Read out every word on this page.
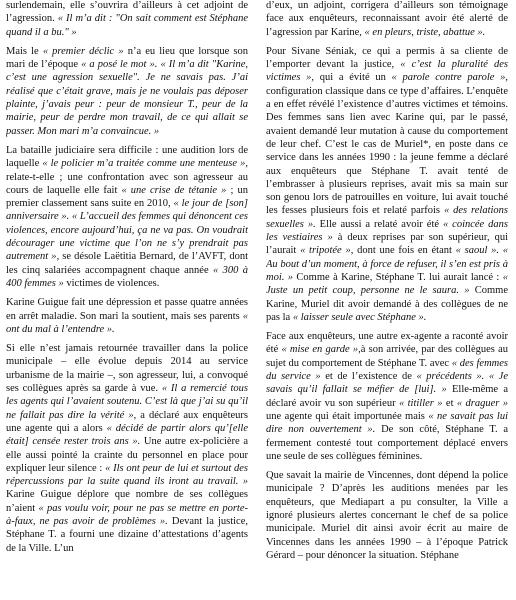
surlendemain, elle s’ouvrira d’ailleurs à cet adjoint de l’agression. « Il m’a dit : "On sait comment est Stéphane quand il a bu." »

Mais le « premier déclic » n’a eu lieu que lorsque son mari de l’époque « a posé le mot ». « Il m’a dit "Karine, c’est une agression sexuelle". Je ne savais pas. J’ai réalisé que c’était grave, mais je ne voulais pas déposer plainte, j’avais peur : peur de monsieur T., peur de la mairie, peur de perdre mon travail, de ce qui allait se passer. Mon mari m’a convaincue. »

La bataille judiciaire sera difficile : une audition lors de laquelle « le policier m’a traitée comme une menteuse », relate-t-elle ; une confrontation avec son agresseur au cours de laquelle elle fait « une crise de tétanie » ; un premier classement sans suite en 2010, « le jour de [son] anniversaire ». « L’accueil des femmes qui dénoncent ces violences, encore aujourd’hui, ça ne va pas. On voudrait décourager une victime que l’on ne s’y prendrait pas autrement », se désole Laëtitia Bernard, de l’AVFT, dont les cinq salariées accompagnent chaque année « 300 à 400 femmes » victimes de violences.

Karine Guigue fait une dépression et passe quatre années en arrêt maladie. Son mari la soutient, mais ses parents « ont du mal à l’entendre ».

Si elle n’est jamais retournée travailler dans la police municipale – elle évolue depuis 2014 au service urbanisme de la mairie –, son agresseur, lui, a convoqué ses collègues après sa garde à vue. « Il a remercié tous les agents qui l’avaient soutenu. C’est là que j’ai su qu’il ne fallait pas dire la vérité », a déclaré aux enquêteurs une agente qui a alors « décidé de partir alors qu’[elle était] censée rester trois ans ». Une autre ex-policière a elle aussi pointé la crainte du personnel en place pour expliquer leur silence : « Ils ont peur de lui et surtout des répercussions par la suite quand ils iront au travail. » Karine Guigue déplore que nombre de ses collègues n’aient « pas voulu voir, pour ne pas se mettre en porte-à-faux, ne pas avoir de problèmes ». Devant la justice, Stéphane T. a fourni une dizaine d’attestations d’agents de la Ville. L’un

d’eux, un adjoint, corrigera d’ailleurs son témoignage face aux enquêteurs, reconnaissant avoir été alerté de l’agression par Karine, « en pleurs, triste, abattue ».

Pour Sivane Séniak, ce qui a permis à sa cliente de l’emporter devant la justice, « c’est la pluralité des victimes », qui a évité un « parole contre parole », configuration classique dans ce type d’affaires. L’enquête a en effet révélé l’existence d’autres victimes et témoins. Des femmes sans lien avec Karine qui, par le passé, avaient demandé leur mutation à cause du comportement de leur chef. C’est le cas de Muriel*, en poste dans ce service dans les années 1990 : la jeune femme a déclaré aux enquêteurs que Stéphane T. avait tenté de l’embrasser à plusieurs reprises, avait mis sa main sur son genou lors de patrouilles en voiture, lui avait touché les fesses plusieurs fois et relaté parfois « des relations sexuelles ». Elle aussi a relaté avoir été « coincée dans les vestiaires » à deux reprises par son supérieur, qui l’aurait « tripotée », dont une fois en étant « saoul ». « Au bout d’un moment, à force de refuser, il s’en est pris à moi. » Comme à Karine, Stéphane T. lui aurait lancé : « Juste un petit coup, personne ne le saura. » Comme Karine, Muriel dit avoir demandé à des collègues de ne pas la « laisser seule avec Stéphane ».

Face aux enquêteurs, une autre ex-agente a raconté avoir été « mise en garde »,à son arrivée, par des collègues au sujet du comportement de Stéphane T. avec « des femmes du service » et de l’existence de « précédents ». « Je savais qu’il fallait se méfier de [lui]. » Elle-même a déclaré avoir vu son supérieur « titiller » et « draguer » une agente qui était importunée mais « ne savait pas lui dire non ouvertement ». De son côté, Stéphane T. a fermement contesté tout comportement déplacé envers une seule de ses collègues féminines.

Que savait la mairie de Vincennes, dont dépend la police municipale ? D’après les auditions menées par les enquêteurs, que Mediapart a pu consulter, la Ville a ignoré plusieurs alertes concernant le chef de sa police municipale. Muriel dit ainsi avoir écrit au maire de Vincennes dans les années 1990 – à l’époque Patrick Gérard – pour dénoncer la situation. Stéphane
